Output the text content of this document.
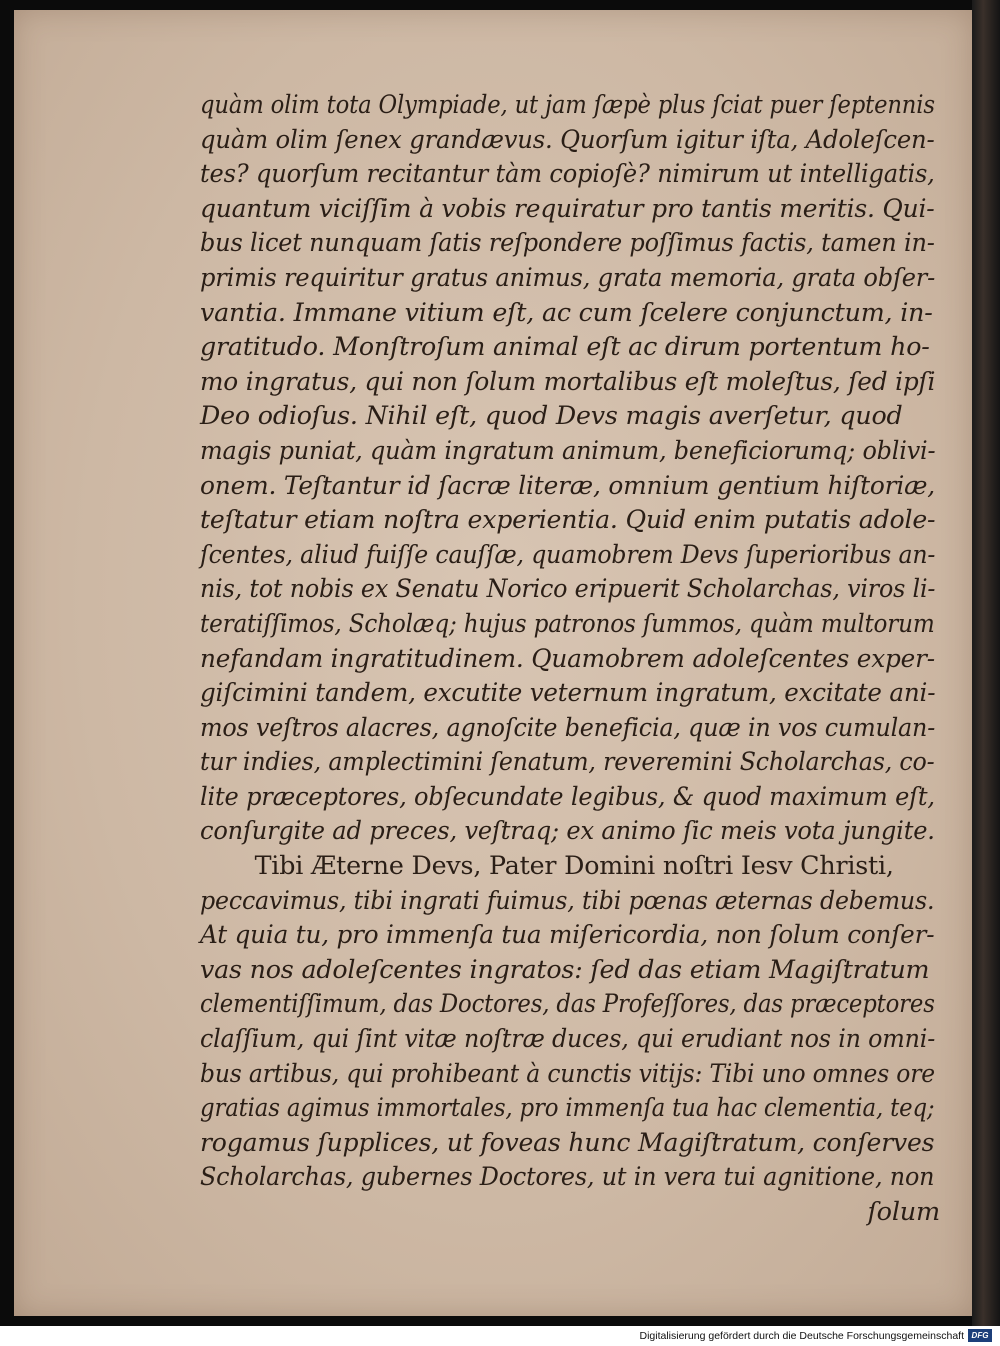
quàm olim tota Olympiade, ut jam ſæpè plus ſciat puer ſeptennis
quàm olim ſenex grandævus. Quorſum igitur iſta, Adoleſcen-
tes? quorſum recitantur tàm copioſè? nimirum ut intelligatis,
quantum viciſſim à vobis requiratur pro tantis meritis. Qui-
bus licet nunquam ſatis reſpondere poſſimus factis, tamen in-
primis requiritur gratus animus, grata memoria, grata obſer-
vantia. Immane vitium eſt, ac cum ſcelere conjunctum, in-
gratitudo. Monſtroſum animal eſt ac dirum portentum ho-
mo ingratus, qui non ſolum mortalibus eſt moleſtus, ſed ipſi
Deo odioſus. Nihil eſt, quod Devs magis averſetur, quod
magis puniat, quàm ingratum animum, beneficiorumq; oblivi-
onem. Teſtantur id ſacræ literæ, omnium gentium hiſtoriæ,
teſtatur etiam noſtra experientia. Quid enim putatis adole-
ſcentes, aliud fuiſſe cauſſæ, quamobrem Devs ſuperioribus an-
nis, tot nobis ex Senatu Norico eripuerit Scholarchas, viros li-
teratiſſimos, Scholæq; hujus patronos ſummos, quàm multorum
nefandam ingratitudinem. Quamobrem adoleſcentes exper-
giſcimini tandem, excutite veternum ingratum, excitate ani-
mos veſtros alacres, agnoſcite beneficia, quæ in vos cumulan-
tur indies, amplectimini ſenatum, reveremini Scholarchas, co-
lite præceptores, obſecundate legibus, & quod maximum eſt,
conſurgite ad preces, veſtraq; ex animo ſic meis vota jungite.
Tibi Æterne Devs, Pater Domini noſtri Iesv Christi,
peccavimus, tibi ingrati fuimus, tibi pœnas æternas debemus.
At quia tu, pro immenſa tua miſericordia, non ſolum conſer-
vas nos adoleſcentes ingratos: ſed das etiam Magiſtratum
clementiſſimum, das Doctores, das Profeſſores, das præceptores
claſſium, qui ſint vitæ noſtræ duces, qui erudiant nos in omni-
bus artibus, qui prohibeant à cunctis vitijs: Tibi uno omnes ore
gratias agimus immortales, pro immenſa tua hac clementia, teq;
rogamus ſupplices, ut foveas hunc Magiſtratum, conſerves
Scholarchas, gubernes Doctores, ut in vera tui agnitione, non
ſolum
Digitalisierung gefördert durch die Deutsche Forschungsgemeinschaft DFG
